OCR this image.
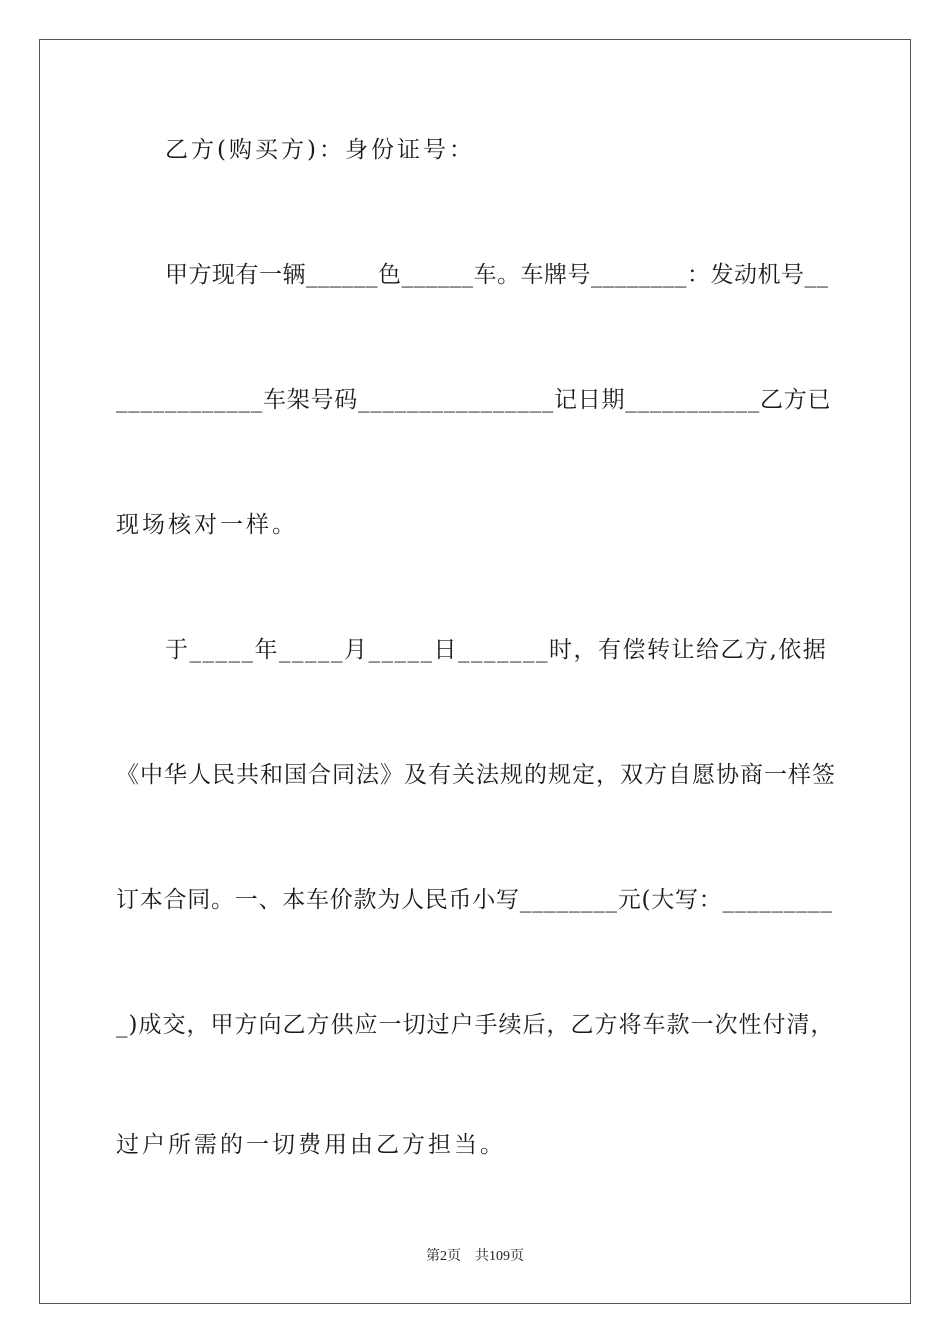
乙方(购买方)：身份证号：

甲方现有一辆______色______车。车牌号________：发动机号__

____________车架号码________________记日期___________乙方已

现场核对一样。

于_____年_____月_____日_______时，有偿转让给乙方,依据

《中华人民共和国合同法》及有关法规的规定，双方自愿协商一样签

订本合同。一、本车价款为人民币小写________元(大写：_________

_)成交，甲方向乙方供应一切过户手续后，乙方将车款一次性付清，

过户所需的一切费用由乙方担当。

第2页　共109页
